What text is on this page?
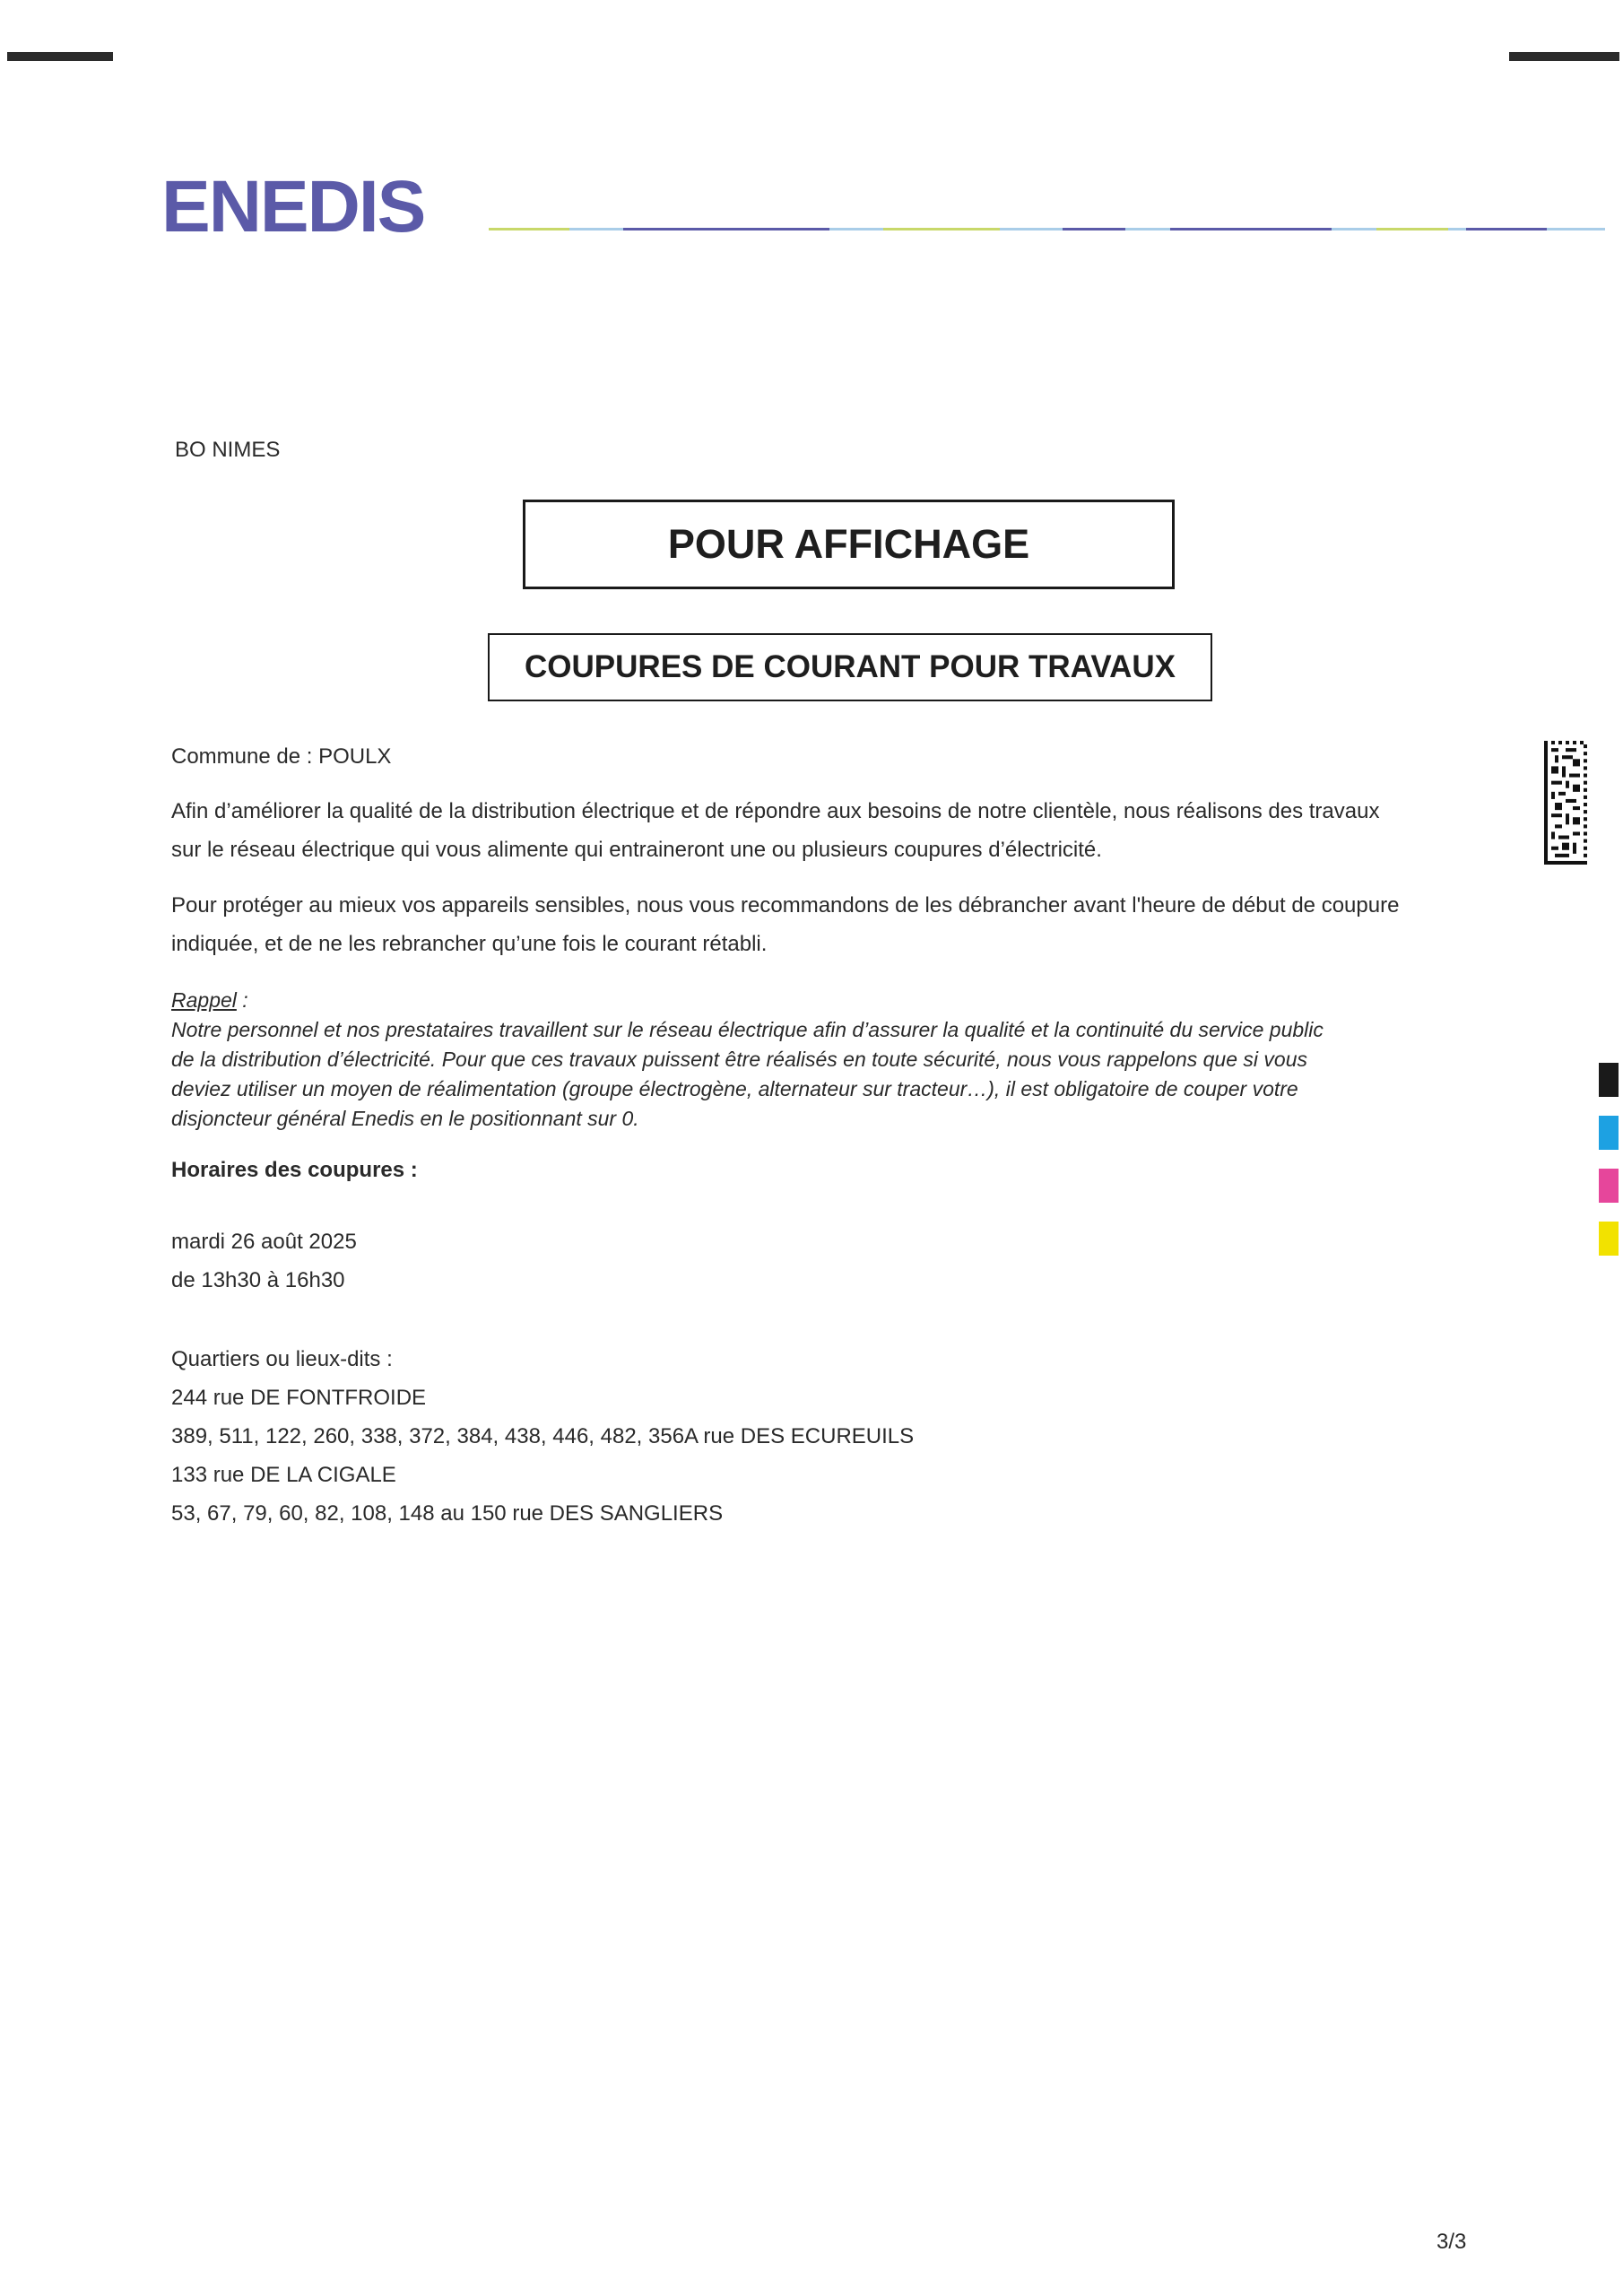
ENEDIS
BO NIMES
POUR AFFICHAGE
COUPURES DE COURANT POUR TRAVAUX
Commune de : POULX
Afin d’améliorer la qualité de la distribution électrique et de répondre aux besoins de notre clientèle, nous réalisons des travaux
sur le réseau électrique qui vous alimente qui entraineront une ou plusieurs coupures d’électricité.
Pour protéger au mieux vos appareils sensibles, nous vous recommandons de les débrancher avant l'heure de début de coupure
indiquée, et de ne les rebrancher qu’une fois le courant rétabli.
Rappel :
Notre personnel et nos prestataires travaillent sur le réseau électrique afin d’assurer la qualité et la continuité du service public
de la distribution d’électricité. Pour que ces travaux puissent être réalisés en toute sécurité, nous vous rappelons que si vous
deviez utiliser un moyen de réalimentation (groupe électrogène, alternateur sur tracteur…), il est obligatoire de couper votre
disjoncteur général Enedis en le positionnant sur 0.
Horaires des coupures :
mardi 26 août 2025
de 13h30 à 16h30
Quartiers ou lieux-dits :
244 rue DE FONTFROIDE
389, 511, 122, 260, 338, 372, 384, 438, 446, 482, 356A rue DES ECUREUILS
133 rue DE LA CIGALE
53, 67, 79, 60, 82, 108, 148 au 150 rue DES SANGLIERS
3/3
